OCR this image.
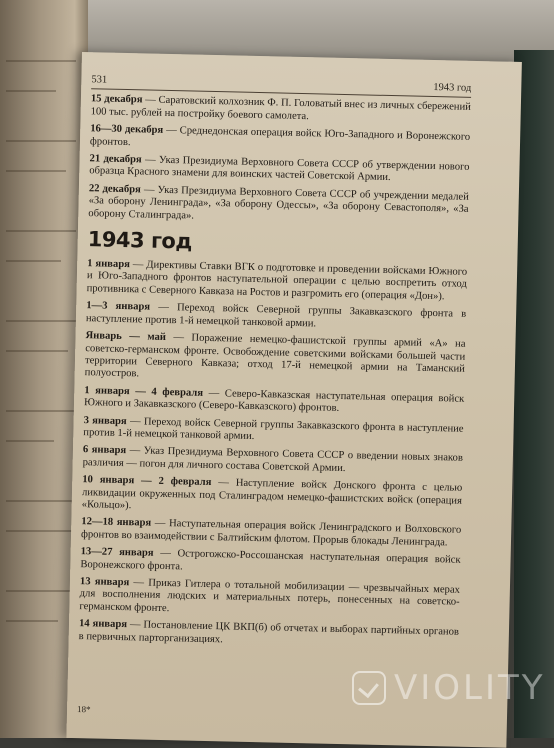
531
1943 год

15 декабря — Саратовский колхозник Ф. П. Головатый внес из личных сбережений 100 тыс. рублей на постройку боевого самолета.

16—30 декабря — Среднедонская операция войск Юго-Западного и Воронежского фронтов.

21 декабря — Указ Президиума Верховного Совета СССР об утверждении нового образца Красного знамени для воинских частей Советской Армии.

22 декабря — Указ Президиума Верховного Совета СССР об учреждении медалей «За оборону Ленинграда», «За оборону Одессы», «За оборону Севастополя», «За оборону Сталинграда».

1943 год

1 января — Директивы Ставки ВГК о подготовке и проведении войсками Южного и Юго-Западного фронтов наступательной операции с целью воспретить отход противника с Северного Кавказа на Ростов и разгромить его (операция «Дон»).

1—3 января — Переход войск Северной группы Закавказского фронта в наступление против 1-й немецкой танковой армии.

Январь — май — Поражение немецко-фашистской группы армий «А» на советско-германском фронте. Освобождение советскими войсками большей части территории Северного Кавказа; отход 17-й немецкой армии на Таманский полуостров.

1 января — 4 февраля — Северо-Кавказская наступательная операция войск Южного и Закавказского (Северо-Кавказского) фронтов.

3 января — Переход войск Северной группы Закавказского фронта в наступление против 1-й немецкой танковой армии.

6 января — Указ Президиума Верховного Совета СССР о введении новых знаков различия — погон для личного состава Советской Армии.

10 января — 2 февраля — Наступление войск Донского фронта с целью ликвидации окруженных под Сталинградом немецко-фашистских войск (операция «Кольцо»).

12—18 января — Наступательная операция войск Ленинградского и Волховского фронтов во взаимодействии с Балтийским флотом. Прорыв блокады Ленинграда.

13—27 января — Острогожско-Россошанская наступательная операция войск Воронежского фронта.

13 января — Приказ Гитлера о тотальной мобилизации — чрезвычайных мерах для восполнения людских и материальных потерь, понесенных на советско-германском фронте.

14 января — Постановление ЦК ВКП(б) об отчетах и выборах партийных органов в первичных парторганизациях.

18*
VIOLITY
